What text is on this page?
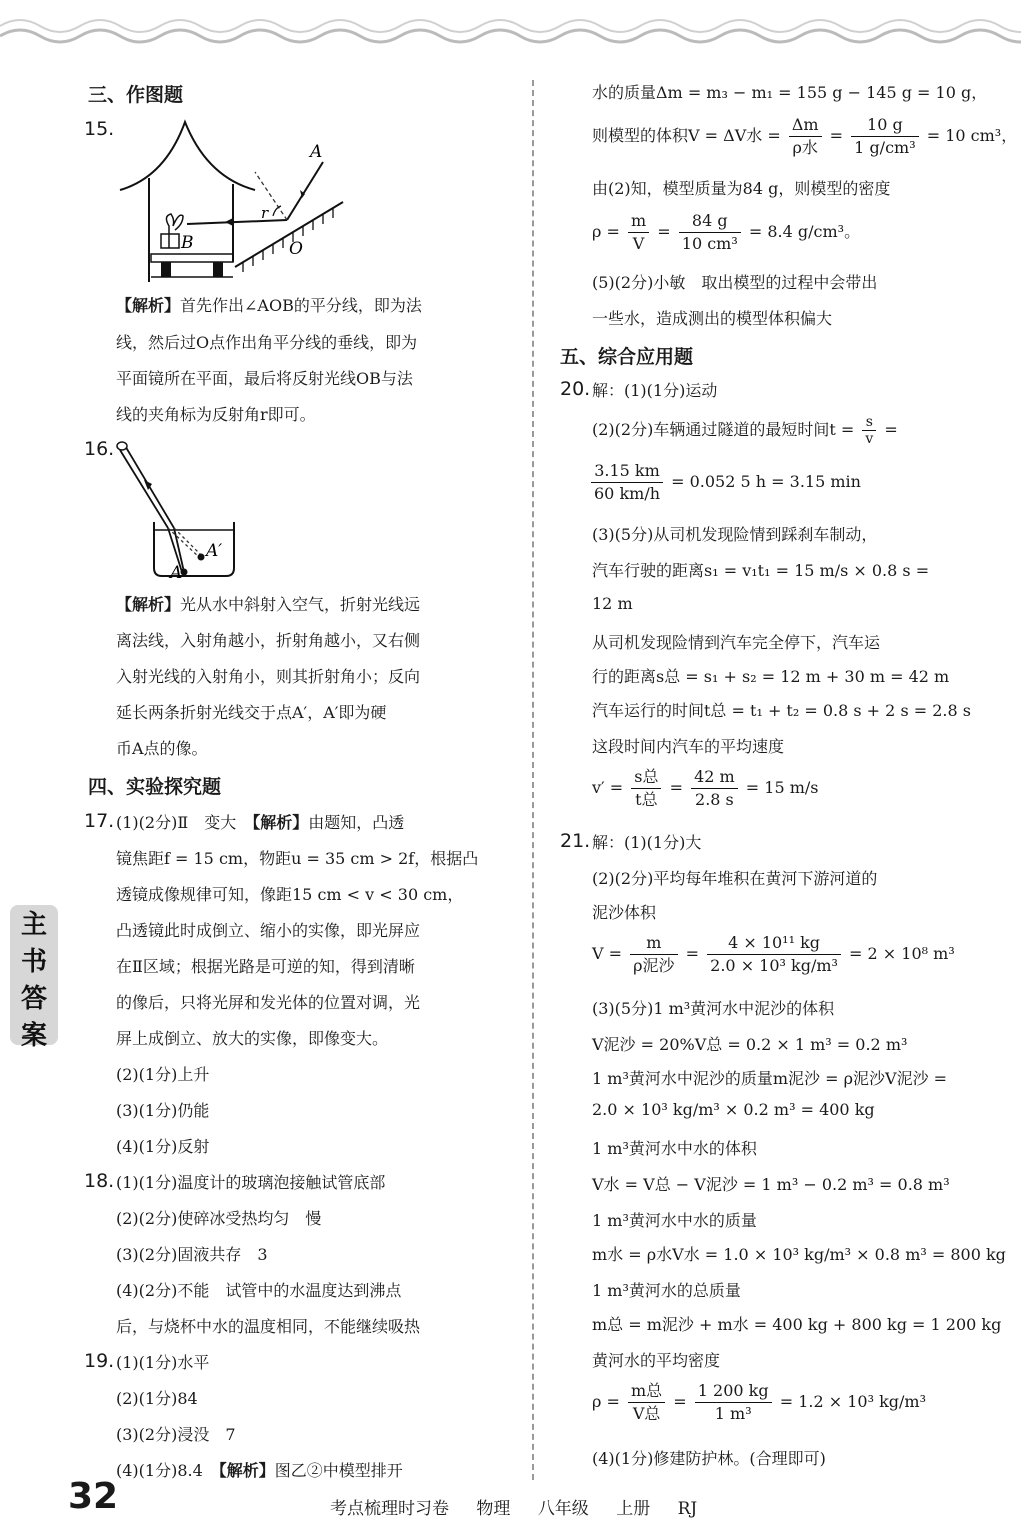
三、作图题
15.
A
B	O
r
【解析】首先作出∠AOB的平分线，即为法
线，然后过O点作出角平分线的垂线，即为
平面镜所在平面，最后将反射光线OB与法
线的夹角标为反射角r即可。
16.
A′
A
【解析】光从水中斜射入空气，折射光线远
离法线，入射角越小，折射角越小，又右侧
入射光线的入射角小，则其折射角小；反向
延长两条折射光线交于点A′，A′即为硬
币A点的像。
四、实验探究题
17. (1)(2分)Ⅱ　变大　【解析】由题知，凸透
镜焦距f = 15 cm，物距u = 35 cm > 2f，根据凸
透镜成像规律可知，像距15 cm < v < 30 cm，
凸透镜此时成倒立、缩小的实像，即光屏应
在Ⅱ区域；根据光路是可逆的知，得到清晰
的像后，只将光屏和发光体的位置对调，光
屏上成倒立、放大的实像，即像变大。
(2)(1分)上升
(3)(1分)仍能
(4)(1分)反射
18. (1)(1分)温度计的玻璃泡接触试管底部
(2)(2分)使碎冰受热均匀　慢
(3)(2分)固液共存　3
(4)(2分)不能　试管中的水温度达到沸点
后，与烧杯中水的温度相同，不能继续吸热
19. (1)(1分)水平
(2)(1分)84
(3)(2分)浸没　7
(4)(1分)8.4　【解析】图乙②中模型排开
水的质量Δm = m₃ − m₁ = 155 g − 145 g = 10 g，
则模型的体积V = ΔV水 = $\frac{\Delta m}{\text{ρ水}} = \frac{10 g}{\text{1 g/cm³}} = 10$ cm³，
由(2)知，模型质量为84 g，则模型的密度
$\rho = \frac{m}{V} = \frac{84 g}{\text{10 cm³}} = 8.4$ g/cm³。
(5)(2分)小敏　取出模型的过程中会带出
一些水，造成测出的模型体积偏大
五、综合应用题
20. 解：(1)(1分)运动
(2)(2分)车辆通过隧道的最短时间$t = \frac{s}{v}$ =
$\frac{3.15 km}{60 km/h} = 0.052$ 5 h = 3.15 min
(3)(5分)从司机发现险情到踩刹车制动，
汽车行驶的距离s₁ = v₁t₁ = 15 m/s × 0.8 s =
12 m
从司机发现险情到汽车完全停下，汽车运
行的距离s总 = s₁ + s₂ = 12 m + 30 m = 42 m
汽车运行的时间t总 = t₁ + t₂ = 0.8 s + 2 s = 2.8 s
这段时间内汽车的平均速度
$v' = \frac{\text{s总}}{\text{t总}} = \frac{42 m}{2.8 s} = 15$ m/s
21. 解：(1)(1分)大
(2)(2分)平均每年堆积在黄河下游河道的
泥沙体积
$V = \frac{m}{\text{ρ泥沙}} = \frac{\text{4 × 10¹¹ kg}}{\text{2.0 × 10³ kg/m³}} = 2 \times 10^8$ m³
(3)(5分)1 m³黄河水中泥沙的体积
V泥沙 = 20%V总 = 0.2 × 1 m³ = 0.2 m³
1 m³黄河水中泥沙的质量m泥沙 = ρ泥沙V泥沙 =
2.0 × 10³ kg/m³ × 0.2 m³ = 400 kg
1 m³黄河水中水的体积
V水 = V总 − V泥沙 = 1 m³ − 0.2 m³ = 0.8 m³
1 m³黄河水中水的质量
m水 = ρ水V水 = 1.0 × 10³ kg/m³ × 0.8 m³ = 800 kg
1 m³黄河水的总质量
m总 = m泥沙 + m水 = 400 kg + 800 kg = 1 200 kg
黄河水的平均密度
$\rho = \frac{\text{m总}}{\text{V总}} = \frac{1 200 kg}{\text{1 m³}} = 1.2 \times 10^3$ kg/m³
(4)(1分)修建防护林。(合理即可)
主
书
答
案
32	考点梳理时习卷 物理 八年级 上册 RJ
